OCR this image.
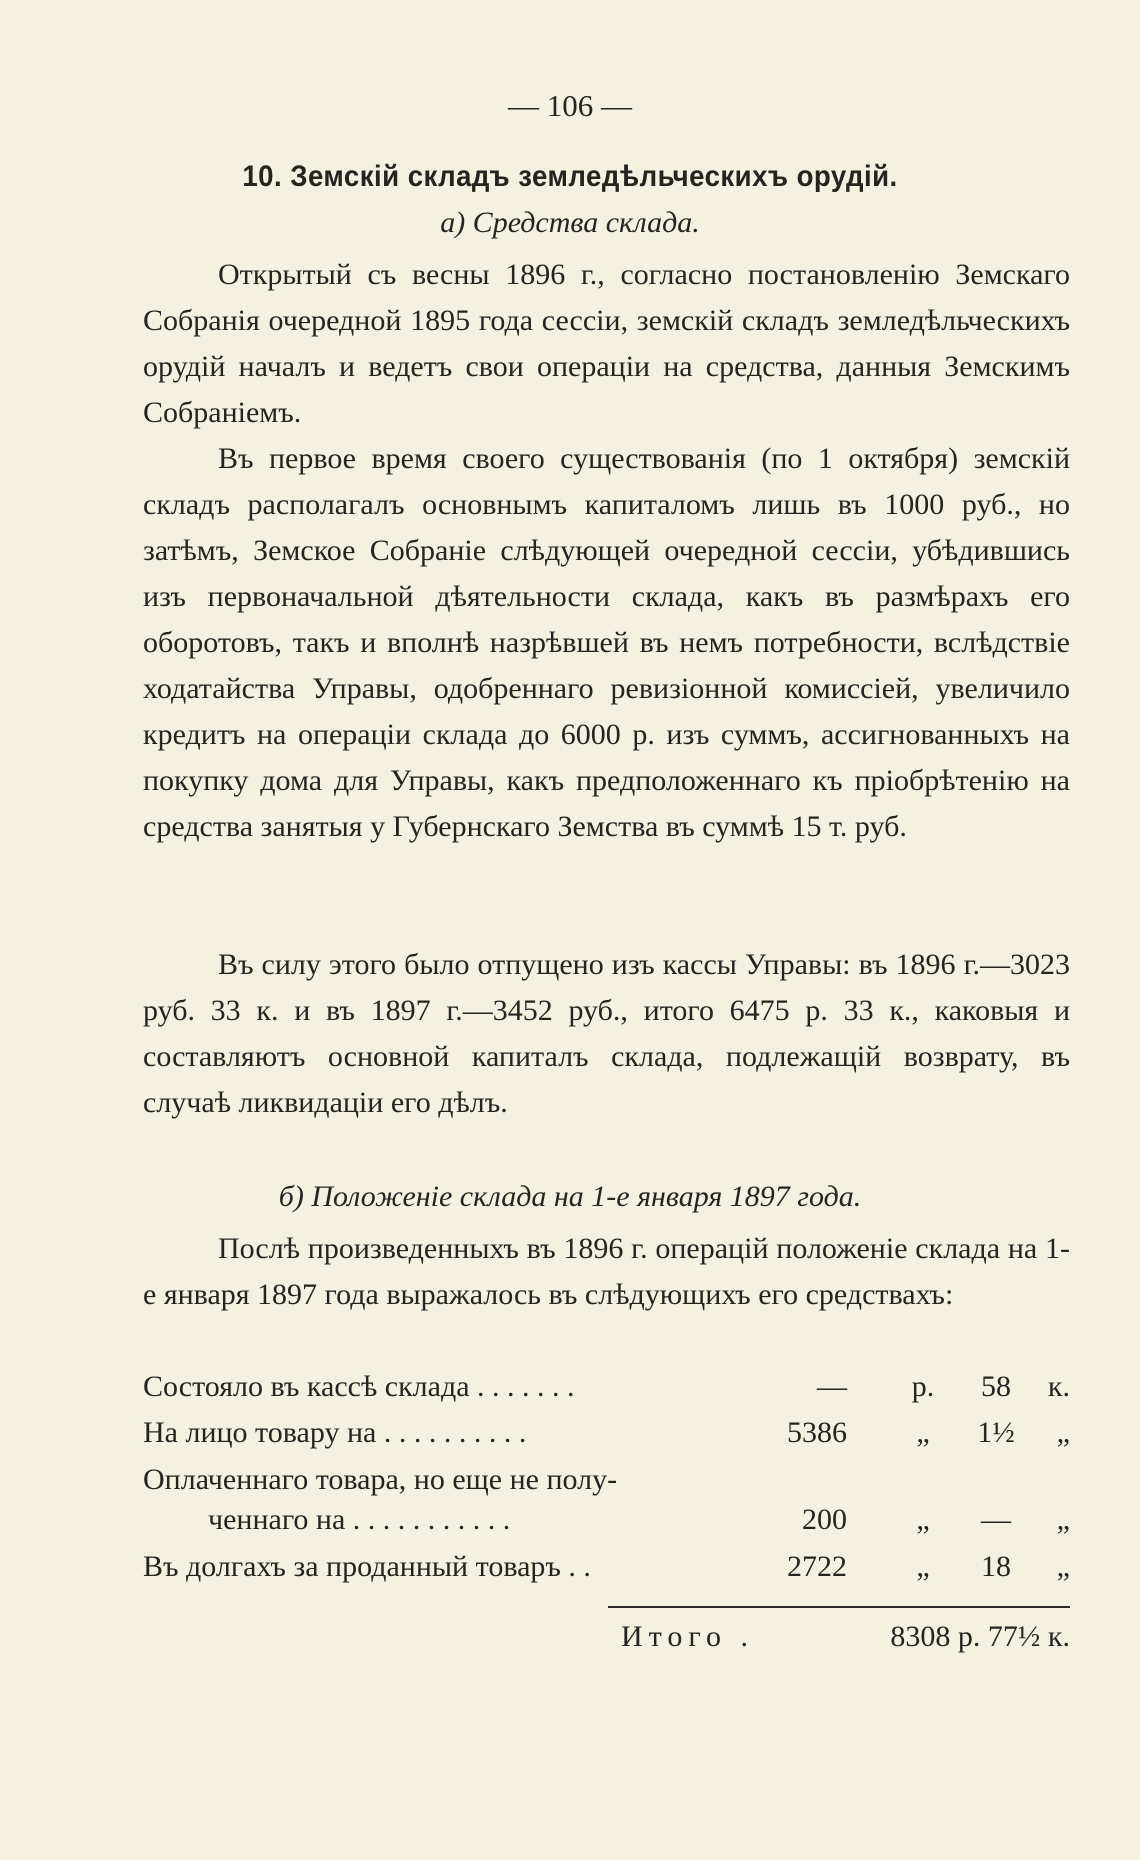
— 106 —
10. Земскій складъ земледѣльческихъ орудій.
а) Средства склада.

Открытый съ весны 1896 г., согласно постановленію Земскаго Собранія очередной 1895 года сессіи, земскій складъ земледѣльческихъ орудій началъ и ведетъ свои операціи на средства, данныя Земскимъ Собраніемъ.

Въ первое время своего существованія (по 1 октября) земскій складъ располагалъ основнымъ капиталомъ лишь въ 1000 руб., но затѣмъ, Земское Собраніе слѣдующей очередной сессіи, убѣдившись изъ первоначальной дѣятельности склада, какъ въ размѣрахъ его оборотовъ, такъ и вполнѣ назрѣвшей въ немъ потребности, вслѣдствіе ходатайства Управы, одобреннаго ревизіонной комиссіей, увеличило кредитъ на операціи склада до 6000 р. изъ суммъ, ассигнованныхъ на покупку дома для Управы, какъ предположеннаго къ пріобрѣтенію на средства занятыя у Губернскаго Земства въ суммѣ 15 т. руб.

Въ силу этого было отпущено изъ кассы Управы: въ 1896 г.—3023 руб. 33 к. и въ 1897 г.—3452 руб., итого 6475 р. 33 к., каковыя и составляютъ основной капиталъ склада, подлежащій возврату, въ случаѣ ликвидаціи его дѣлъ.

б) Положеніе склада на 1-е января 1897 года.

Послѣ произведенныхъ въ 1896 г. операцій положеніе склада на 1-е января 1897 года выражалось въ слѣдующихъ его средствахъ:

Состояло въ кассѣ склада . . . . . . .	— р.	58	к.
На лицо товару на . . . . . . . . . .	5386	„	1½	„
Оплаченнаго товара, но еще не полу-
ченнаго на . . . . . . . . . . .	200	„	—	„
Въ долгахъ за проданный товаръ . .	2722	„	18	„
Итого .	8308 р. 77½ к.
